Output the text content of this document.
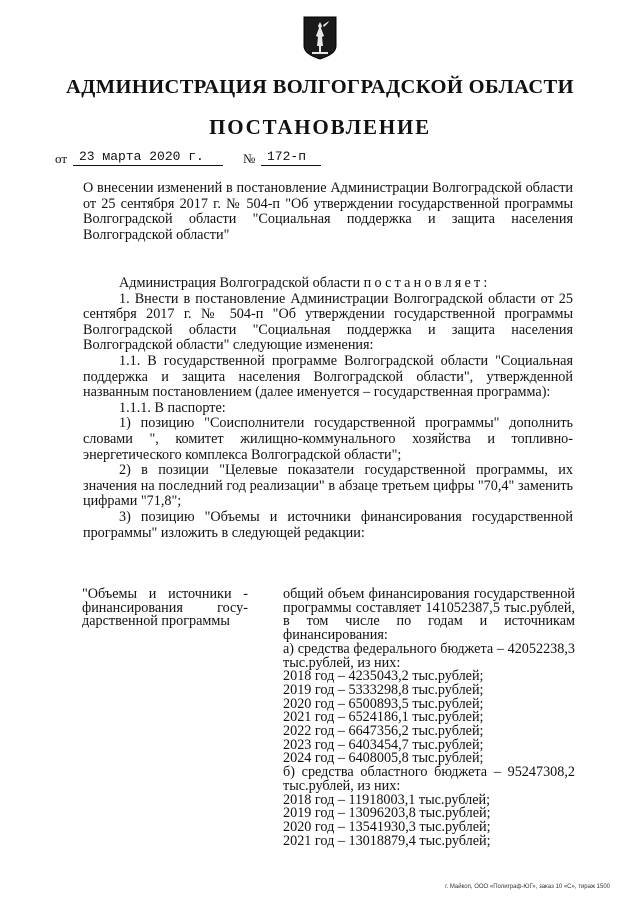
АДМИНИСТРАЦИЯ ВОЛГОГРАДСКОЙ ОБЛАСТИ
ПОСТАНОВЛЕНИЕ
от 23 марта 2020 г.	№ 172-п
О внесении изменений в постановление Администрации Волгоградской области от 25 сентября 2017 г. № 504-п "Об утверждении государственной программы Волгоградской области "Социальная поддержка и защита населения Волгоградской области"

Администрация Волгоградской области постановляет:

1. Внести в постановление Администрации Волгоградской области от 25 сентября 2017 г. № 504-п "Об утверждении государственной программы Волгоградской области "Социальная поддержка и защита населения Волгоградской области" следующие изменения:

1.1. В государственной программе Волгоградской области "Социальная поддержка и защита населения Волгоградской области", утвержденной названным постановлением (далее именуется – государственная программа):

1.1.1. В паспорте:

1) позицию "Соисполнители государственной программы" дополнить словами ", комитет жилищно-коммунального хозяйства и топливно-энергетического комплекса Волгоградской области";

2) в позиции "Целевые показатели государственной программы, их значения на последний год реализации" в абзаце третьем цифры "70,4" заменить цифрами "71,8";

3) позицию "Объемы и источники финансирования государственной программы" изложить в следующей редакции:

"Объемы и источники - финансирования госу-дарственной программы
общий объем финансирования государственной программы составляет 141052387,5 тыс.рублей, в том числе по годам и источникам финансирования:
а) средства федерального бюджета – 42052238,3 тыс.рублей, из них:
2018 год – 4235043,2 тыс.рублей;
2019 год – 5333298,8 тыс.рублей;
2020 год – 6500893,5 тыс.рублей;
2021 год – 6524186,1 тыс.рублей;
2022 год – 6647356,2 тыс.рублей;
2023 год – 6403454,7 тыс.рублей;
2024 год – 6408005,8 тыс.рублей;
б) средства областного бюджета – 95247308,2 тыс.рублей, из них:
2018 год – 11918003,1 тыс.рублей;
2019 год – 13096203,8 тыс.рублей;
2020 год – 13541930,3 тыс.рублей;
2021 год – 13018879,4 тыс.рублей;
г. Майкоп, ООО «Полиграф-ЮГ», заказ 10 «С», тираж 1500
